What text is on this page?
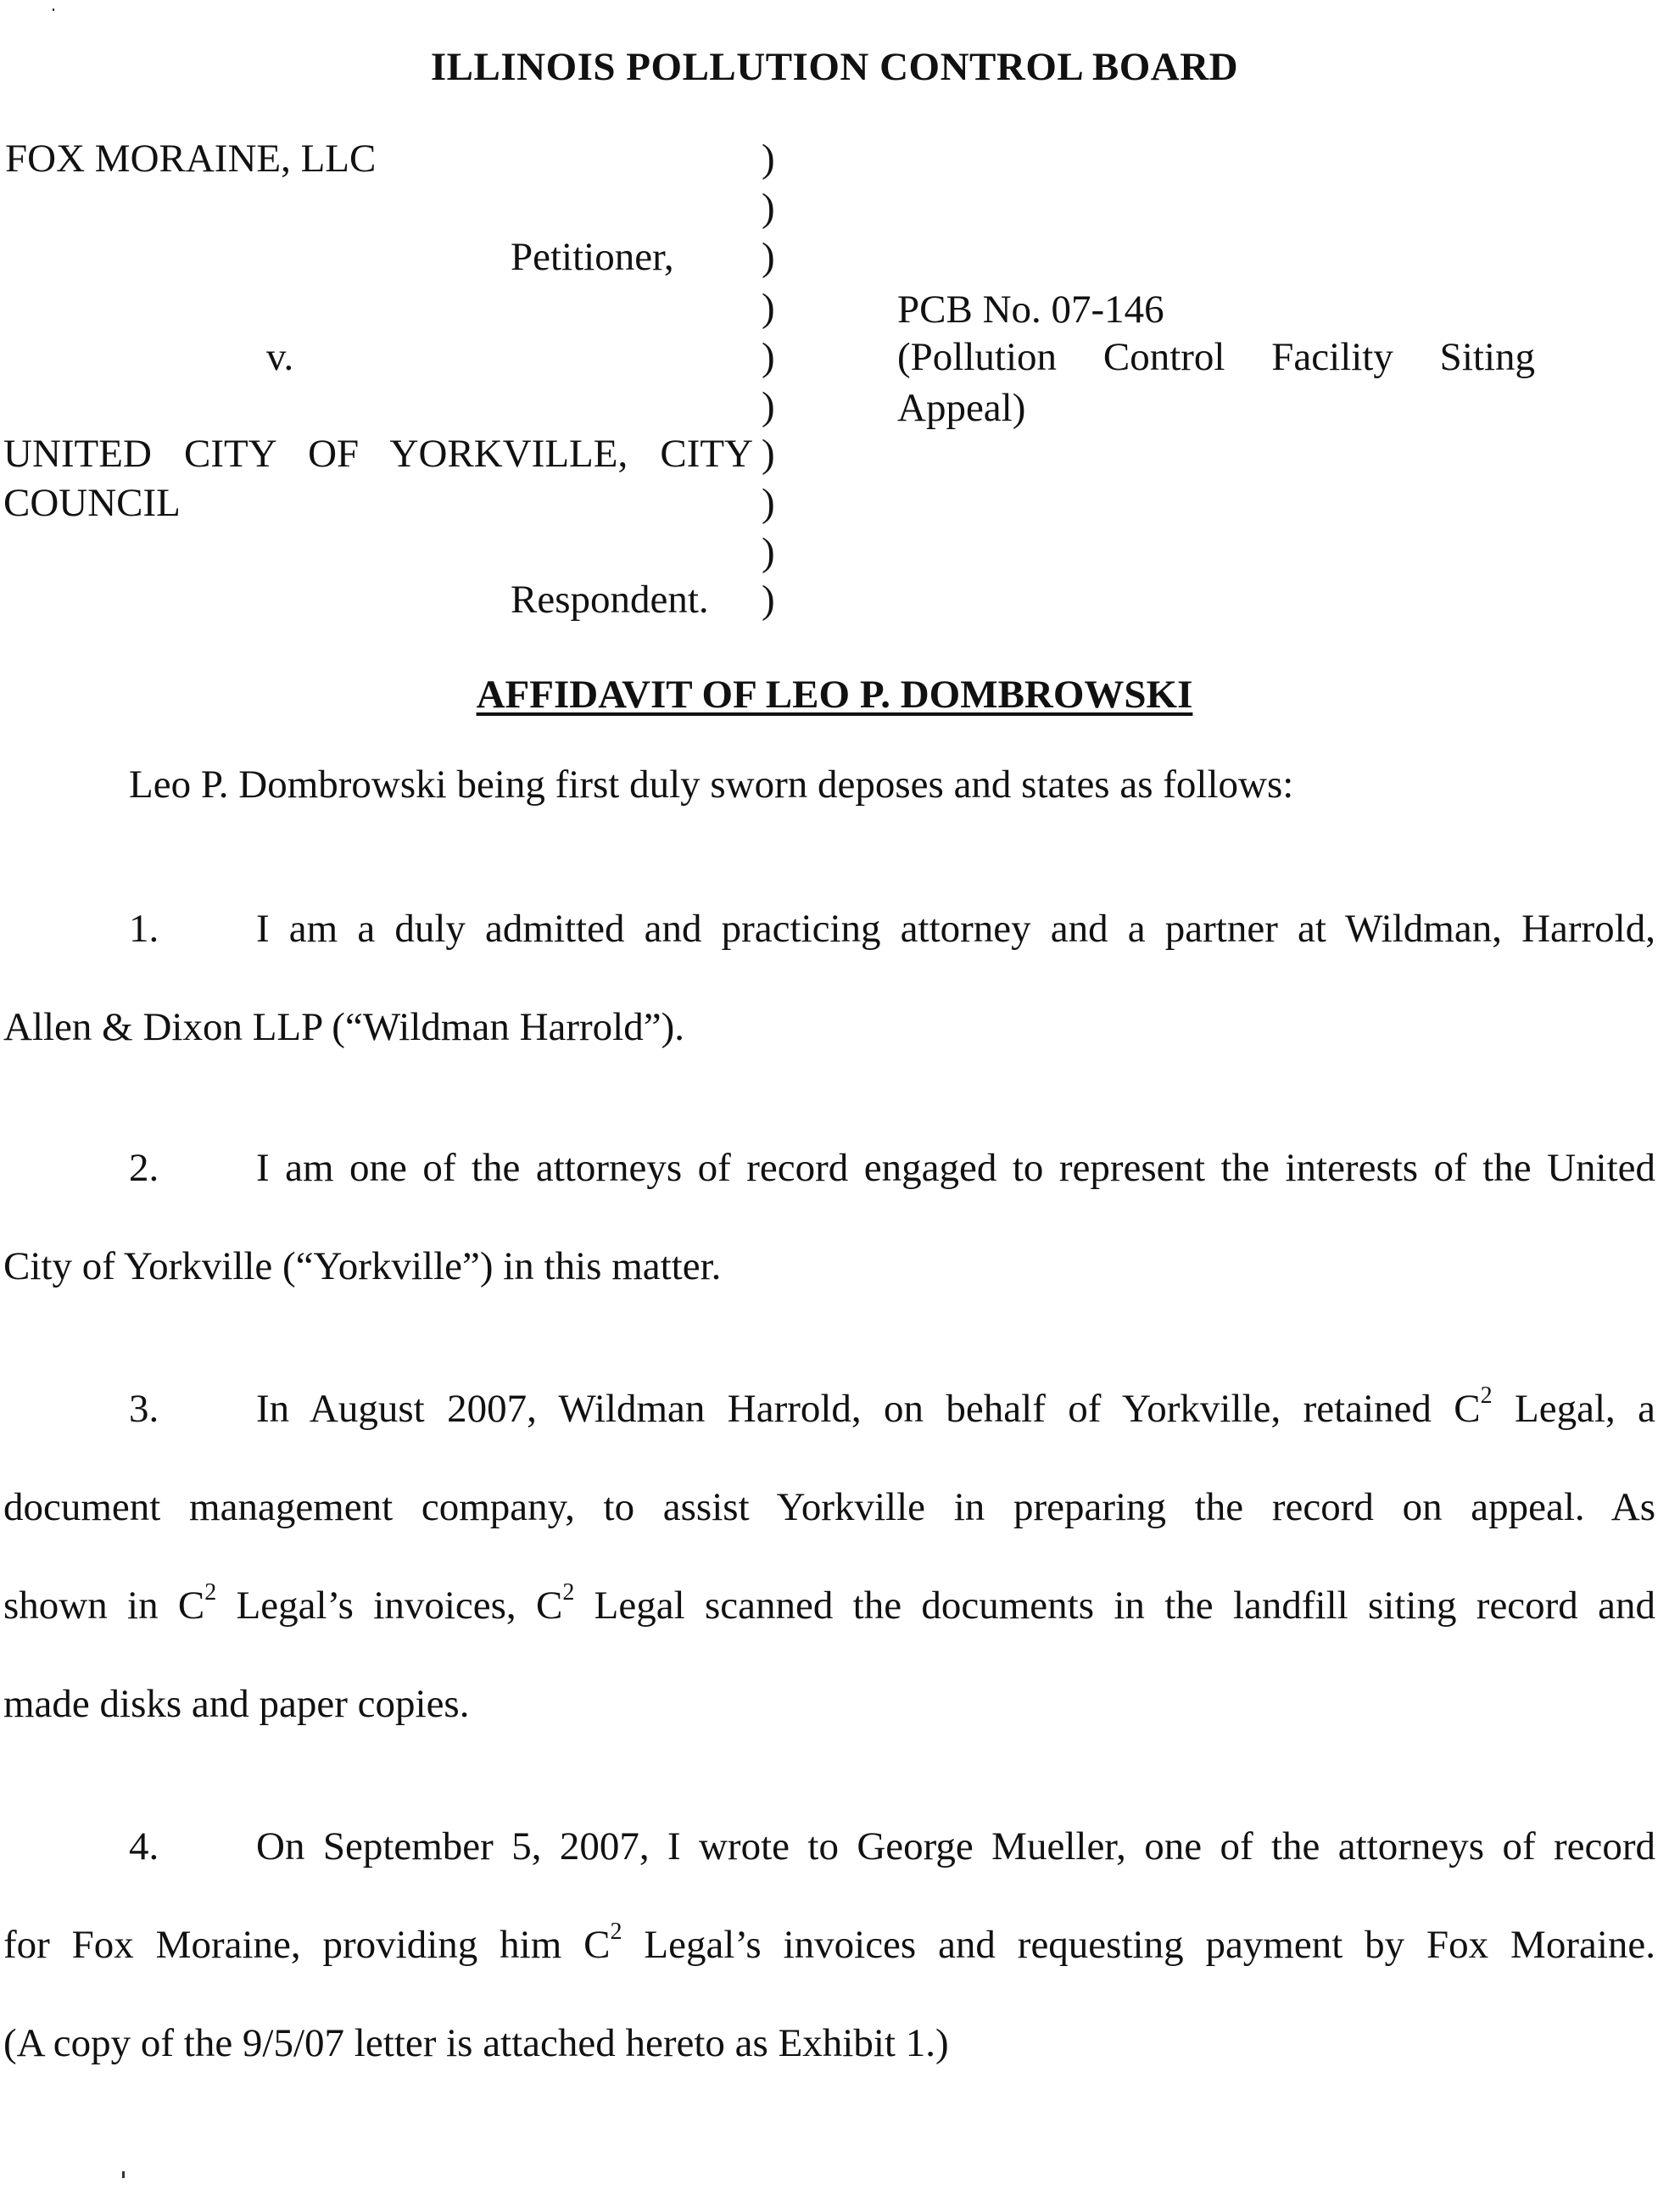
ILLINOIS POLLUTION CONTROL BOARD
FOX MORAINE, LLC
Petitioner,
v.
UNITED CITY OF YORKVILLE, CITY
COUNCIL
Respondent.
)
)
)
)
)
)
)
)
)
)
PCB No. 07-146
(Pollution Control Facility Siting
Appeal)
AFFIDAVIT OF LEO P. DOMBROWSKI
Leo P. Dombrowski being first duly sworn deposes and states as follows:
1. I am a duly admitted and practicing attorney and a partner at Wildman, Harrold,
Allen & Dixon LLP (“Wildman Harrold”).
2. I am one of the attorneys of record engaged to represent the interests of the United
City of Yorkville (“Yorkville”) in this matter.
3. In August 2007, Wildman Harrold, on behalf of Yorkville, retained $C^2$ Legal, a
document management company, to assist Yorkville in preparing the record on appeal. As
shown in $C^2$ Legal’s invoices, $C^2$ Legal scanned the documents in the landfill siting record and
made disks and paper copies.
4. On September 5, 2007, I wrote to George Mueller, one of the attorneys of record
for Fox Moraine, providing him $C^2$ Legal’s invoices and requesting payment by Fox Moraine.
(A copy of the 9/5/07 letter is attached hereto as Exhibit 1.)
